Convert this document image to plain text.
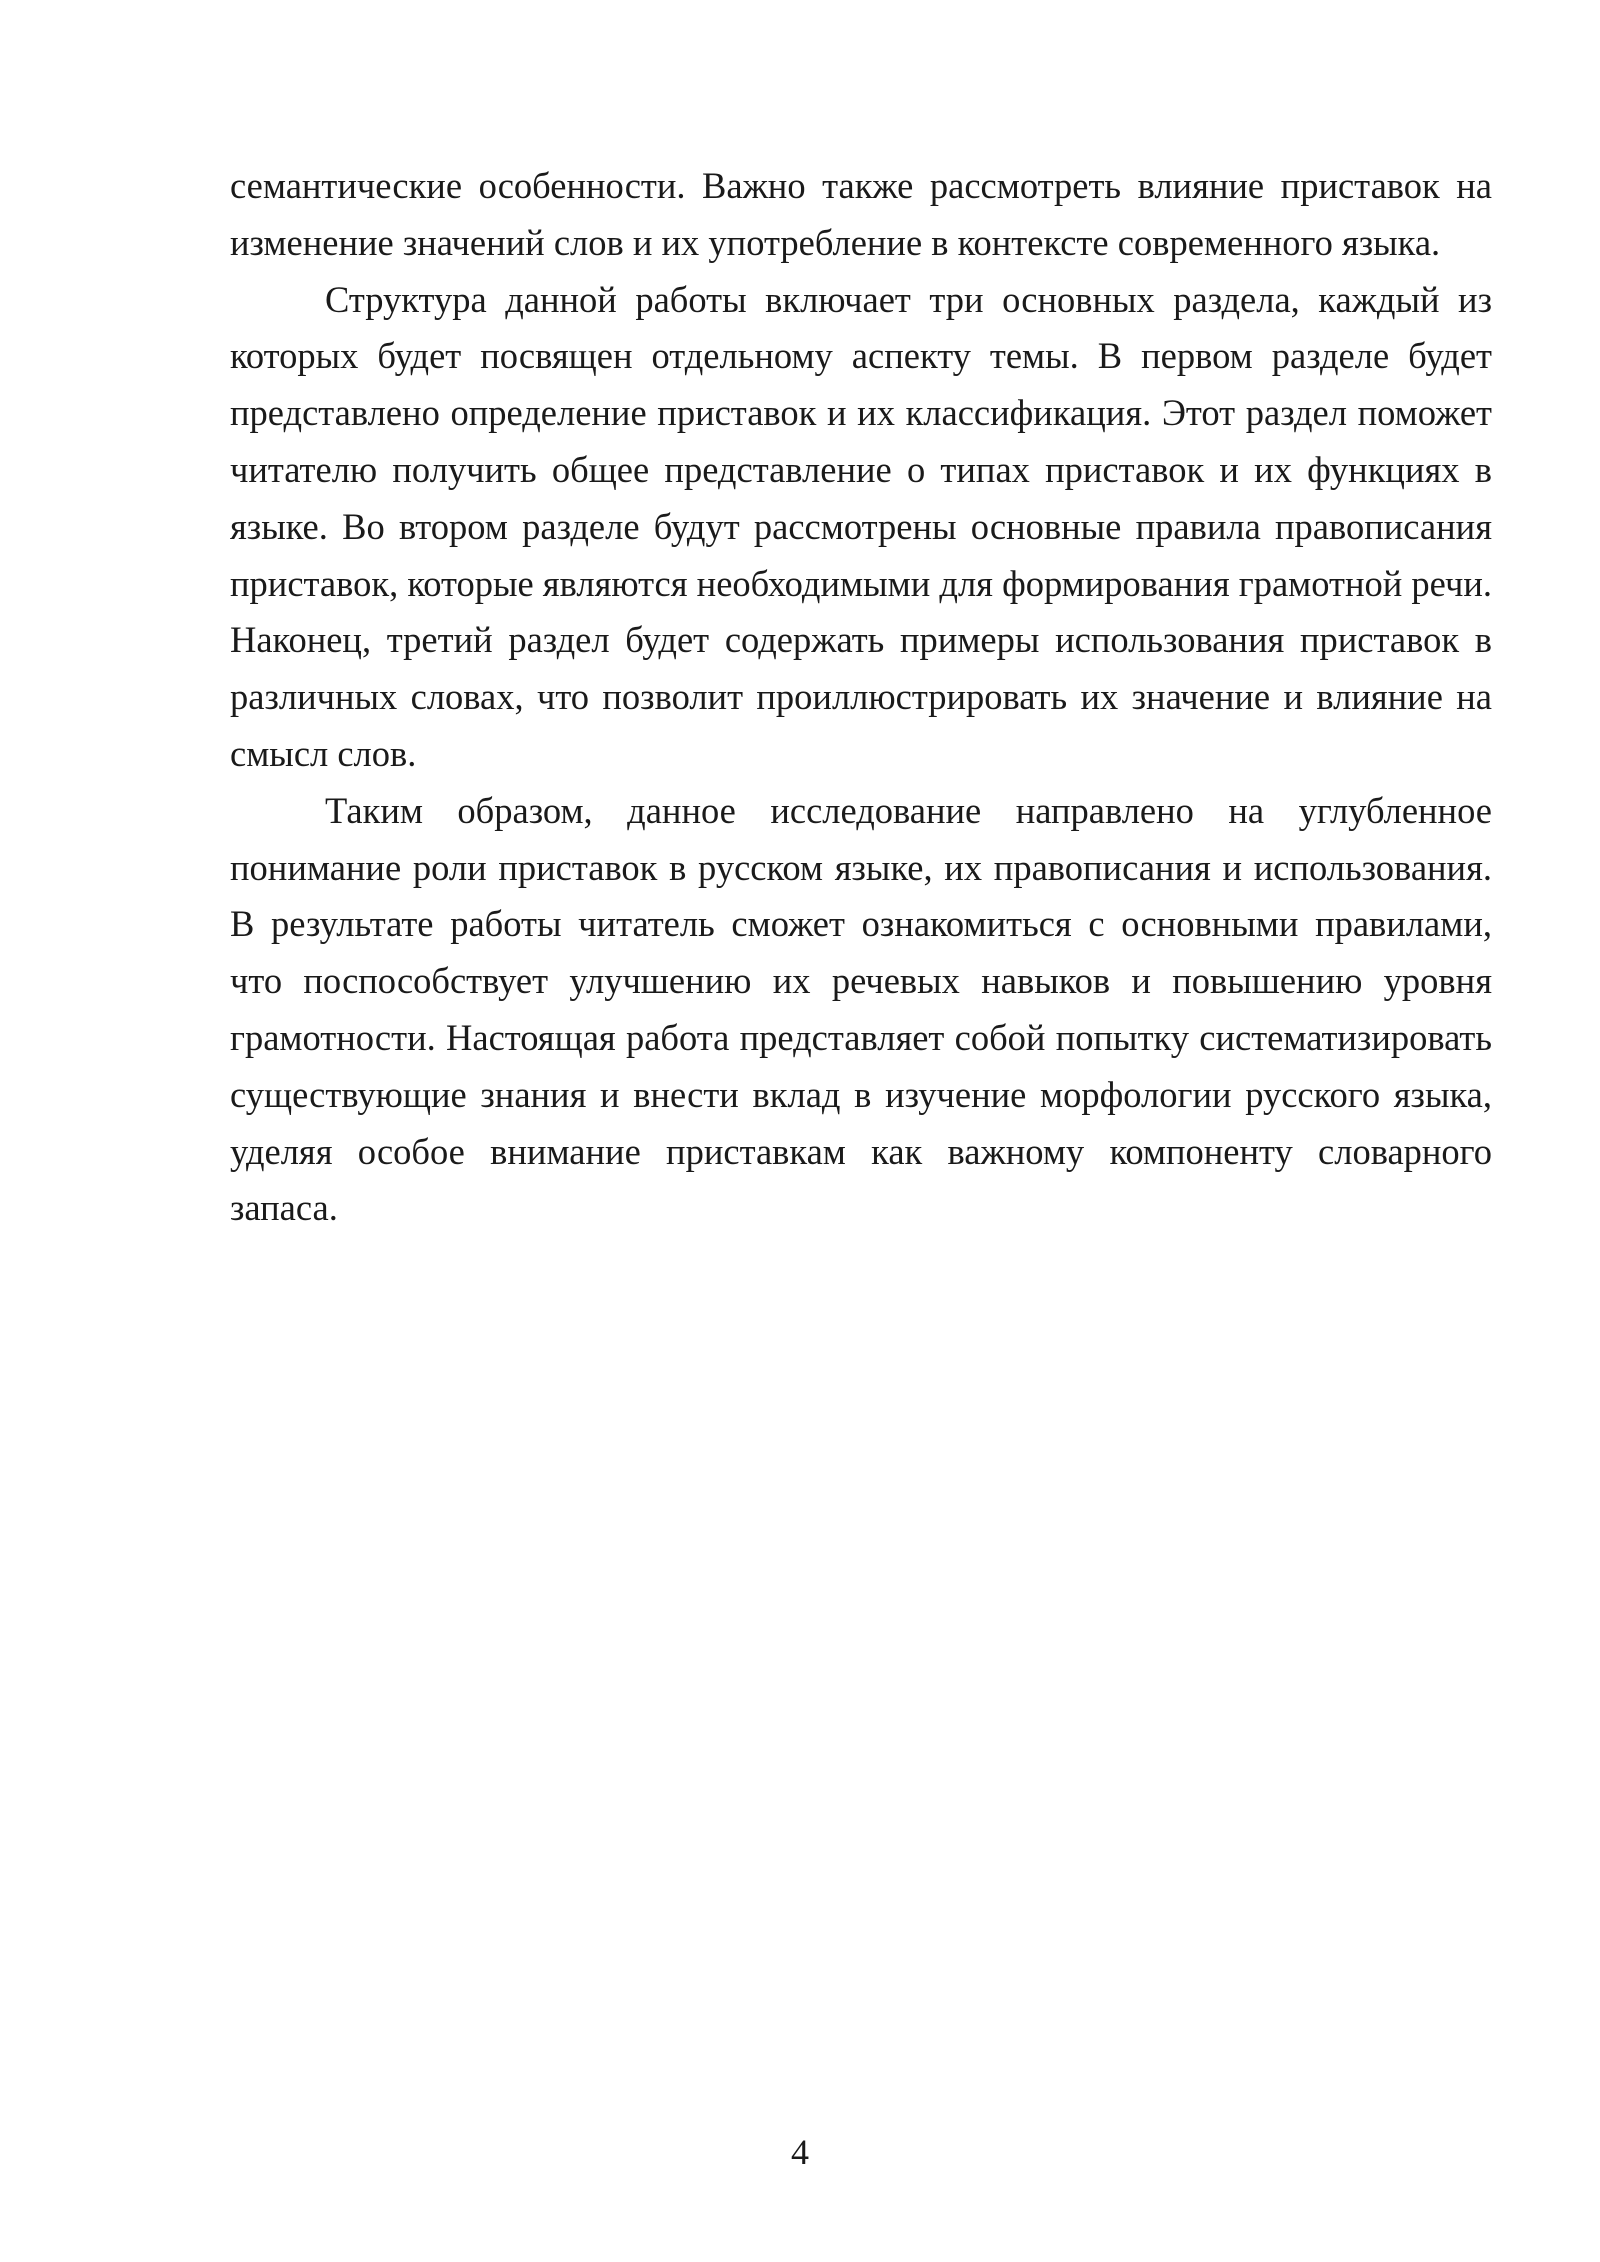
семантические особенности. Важно также рассмотреть влияние приставок на изменение значений слов и их употребление в контексте современного языка.

Структура данной работы включает три основных раздела, каждый из которых будет посвящен отдельному аспекту темы. В первом разделе будет представлено определение приставок и их классификация. Этот раздел поможет читателю получить общее представление о типах приставок и их функциях в языке. Во втором разделе будут рассмотрены основные правила правописания приставок, которые являются необходимыми для формирования грамотной речи. Наконец, третий раздел будет содержать примеры использования приставок в различных словах, что позволит проиллюстрировать их значение и влияние на смысл слов.

Таким образом, данное исследование направлено на углубленное понимание роли приставок в русском языке, их правописания и использования. В результате работы читатель сможет ознакомиться с основными правилами, что поспособствует улучшению их речевых навыков и повышению уровня грамотности. Настоящая работа представляет собой попытку систематизировать существующие знания и внести вклад в изучение морфологии русского языка, уделяя особое внимание приставкам как важному компоненту словарного запаса.

4
